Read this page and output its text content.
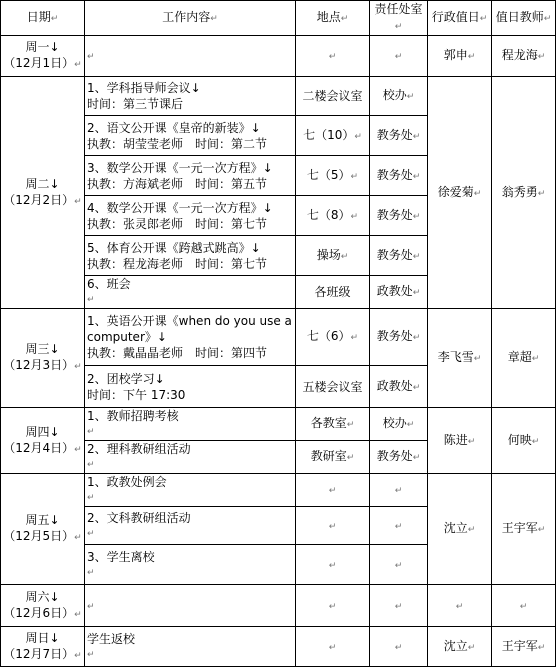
日期↵	工作内容↵	地点↵	责任处室↵	行政值日↵	值日教师↵

周一↓
（12月1日）↵	↵	↵	↵	郭申↵	程龙海↵

周二↓
（12月2日）↵	1、学科指导师会议↓
时间：第三节课后	二楼会议室	校办↵	徐爱菊↵	翁秀勇↵

	2、语文公开课《皇帝的新装》↓
执教：胡莹莹老师　时间：第二节	七（10）↵	教务处↵		

	3、数学公开课《一元一次方程》↓
执教：方海斌老师　时间：第五节	七（5）↵	教务处↵		

	4、数学公开课《一元一次方程》↓
执教：张灵郎老师　时间：第七节	七（8）↵	教务处↵		

	5、体育公开课《跨越式跳高》↓
执教：程龙海老师　时间：第七节	操场↵	教务处↵		

	6、班会
↵	各班级	政教处↵		

周三↓
（12月3日）↵	1、英语公开课《when do you use a
computer》↓
执教：戴晶晶老师　时间：第四节	七（6）↵	教务处↵	李飞雪↵	章超↵

	2、团校学习↓
时间：下午 17:30	五楼会议室	政教处↵		

周四↓
（12月4日）↵	1、教师招聘考核
↵	各教室↵	校办↵	陈进↵	何映↵

	2、理科教研组活动
↵	教研室↵	教务处↵		

周五↓
（12月5日）↵	1、政教处例会
↵	↵	↵	沈立↵	王宇军↵

	2、文科教研组活动
↵	↵	↵		

	3、学生离校
↵	↵	↵		

周六↓
（12月6日）↵	↵	↵	↵	↵	↵

周日↓
（12月7日）↵	学生返校
↵	↵	↵	沈立↵	王宇军↵
